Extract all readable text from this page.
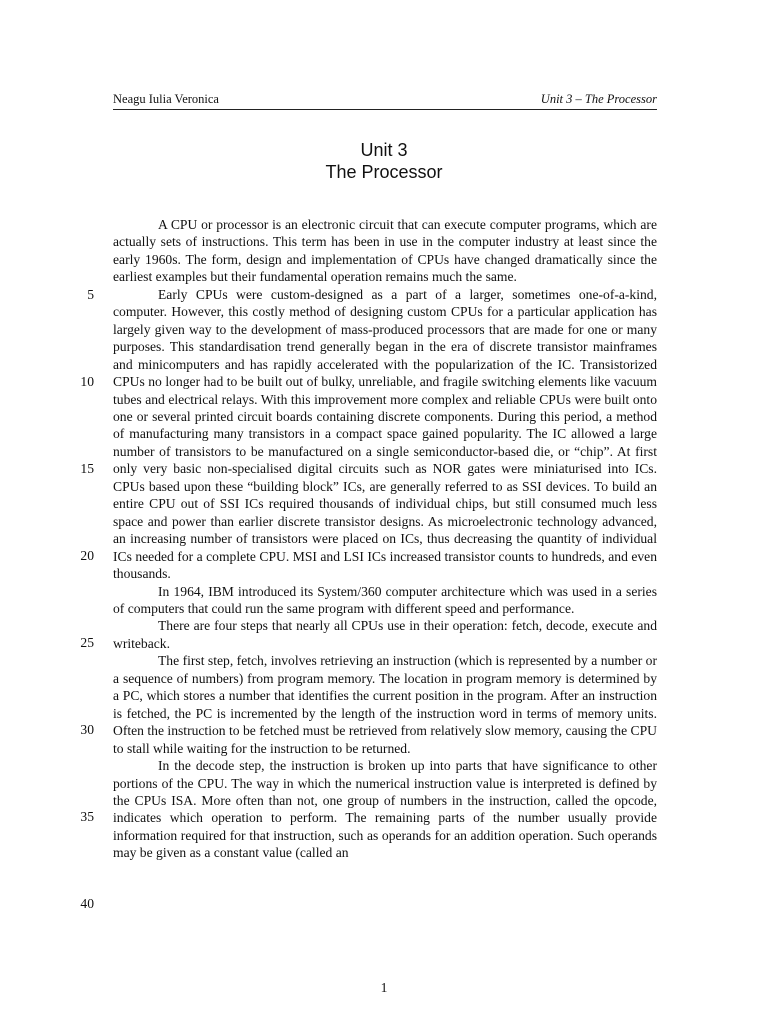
Neagu Iulia Veronica	Unit 3 – The Processor
Unit 3
The Processor
5
10
15
20
25
30
35
40

A CPU or processor is an electronic circuit that can execute computer programs, which are actually sets of instructions. This term has been in use in the computer industry at least since the early 1960s. The form, design and implementation of CPUs have changed dramatically since the earliest examples but their fundamental operation remains much the same.

Early CPUs were custom-designed as a part of a larger, sometimes one-of-a-kind, computer. However, this costly method of designing custom CPUs for a particular application has largely given way to the development of mass-produced processors that are made for one or many purposes. This standardisation trend generally began in the era of discrete transistor mainframes and minicomputers and has rapidly accelerated with the popularization of the IC. Transistorized CPUs no longer had to be built out of bulky, unreliable, and fragile switching elements like vacuum tubes and electrical relays. With this improvement more complex and reliable CPUs were built onto one or several printed circuit boards containing discrete components. During this period, a method of manufacturing many transistors in a compact space gained popularity. The IC allowed a large number of transistors to be manufactured on a single semiconductor-based die, or “chip”. At first only very basic non-specialised digital circuits such as NOR gates were miniaturised into ICs. CPUs based upon these “building block” ICs, are generally referred to as SSI devices. To build an entire CPU out of SSI ICs required thousands of individual chips, but still consumed much less space and power than earlier discrete transistor designs. As microelectronic technology advanced, an increasing number of transistors were placed on ICs, thus decreasing the quantity of individual ICs needed for a complete CPU. MSI and LSI ICs increased transistor counts to hundreds, and even thousands.

In 1964, IBM introduced its System/360 computer architecture which was used in a series of computers that could run the same program with different speed and performance.

There are four steps that nearly all CPUs use in their operation: fetch, decode, execute and writeback.

The first step, fetch, involves retrieving an instruction (which is represented by a number or a sequence of numbers) from program memory. The location in program memory is determined by a PC, which stores a number that identifies the current position in the program. After an instruction is fetched, the PC is incremented by the length of the instruction word in terms of memory units. Often the instruction to be fetched must be retrieved from relatively slow memory, causing the CPU to stall while waiting for the instruction to be returned.

In the decode step, the instruction is broken up into parts that have significance to other portions of the CPU. The way in which the numerical instruction value is interpreted is defined by the CPUs ISA. More often than not, one group of numbers in the instruction, called the opcode, indicates which operation to perform. The remaining parts of the number usually provide information required for that instruction, such as operands for an addition operation. Such operands may be given as a constant value (called an

1
